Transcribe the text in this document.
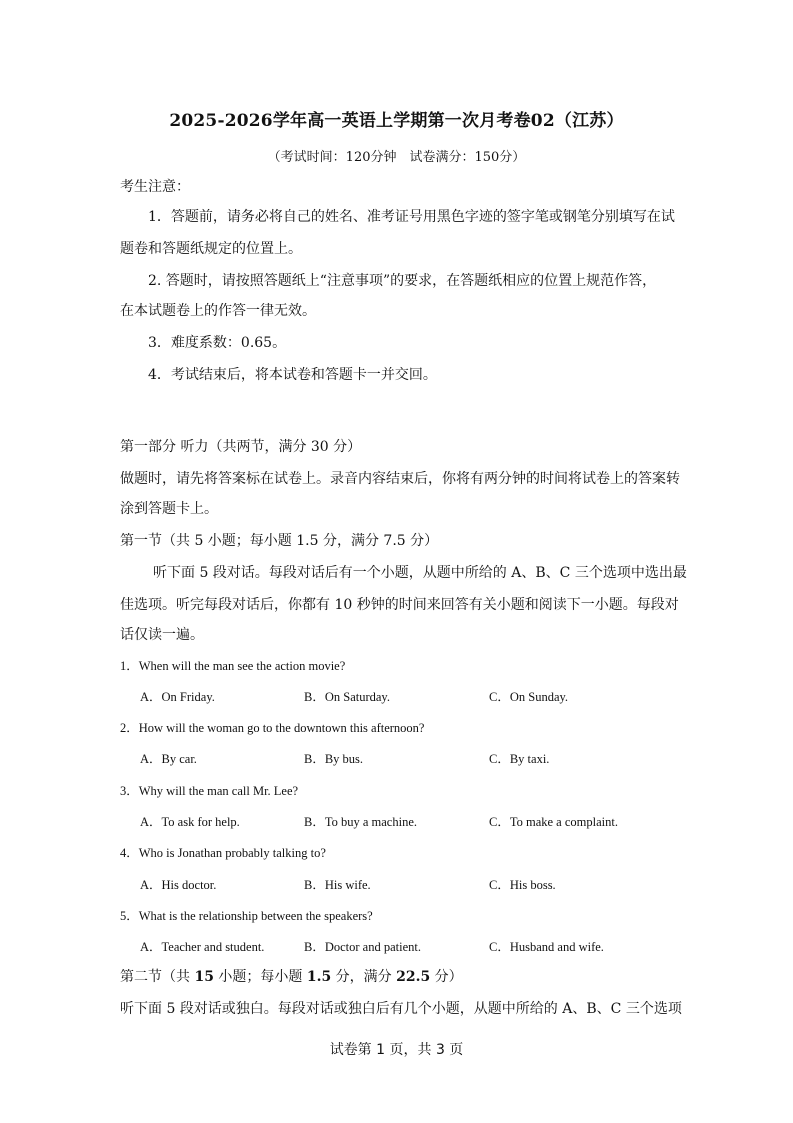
2025-2026学年高一英语上学期第一次月考卷02（江苏）
（考试时间：120分钟　试卷满分：150分）
考生注意：
1．答题前，请务必将自己的姓名、准考证号用黑色字迹的签字笔或钢笔分别填写在试
题卷和答题纸规定的位置上。
2. 答题时，请按照答题纸上“注意事项”的要求，在答题纸相应的位置上规范作答，
在本试题卷上的作答一律无效。
3．难度系数：0.65。
4．考试结束后，将本试卷和答题卡一并交回。
第一部分 听力（共两节，满分 30 分）
做题时，请先将答案标在试卷上。录音内容结束后，你将有两分钟的时间将试卷上的答案转
涂到答题卡上。
第一节（共 5 小题；每小题 1.5 分，满分 7.5 分）
听下面 5 段对话。每段对话后有一个小题，从题中所给的 A、B、C 三个选项中选出最
佳选项。听完每段对话后，你都有 10 秒钟的时间来回答有关小题和阅读下一小题。每段对
话仅读一遍。
1．When will the man see the action movie?
A．On Friday.	B．On Saturday.	C．On Sunday.
2．How will the woman go to the downtown this afternoon?
A．By car.	B．By bus.	C．By taxi.
3．Why will the man call Mr. Lee?
A．To ask for help.	B．To buy a machine.	C．To make a complaint.
4．Who is Jonathan probably talking to?
A．His doctor.	B．His wife.	C．His boss.
5．What is the relationship between the speakers?
A．Teacher and student.	B．Doctor and patient.	C．Husband and wife.
第二节（共 15 小题；每小题 1.5 分，满分 22.5 分）
听下面 5 段对话或独白。每段对话或独白后有几个小题，从题中所给的 A、B、C 三个选项
试卷第 1 页，共 3 页
